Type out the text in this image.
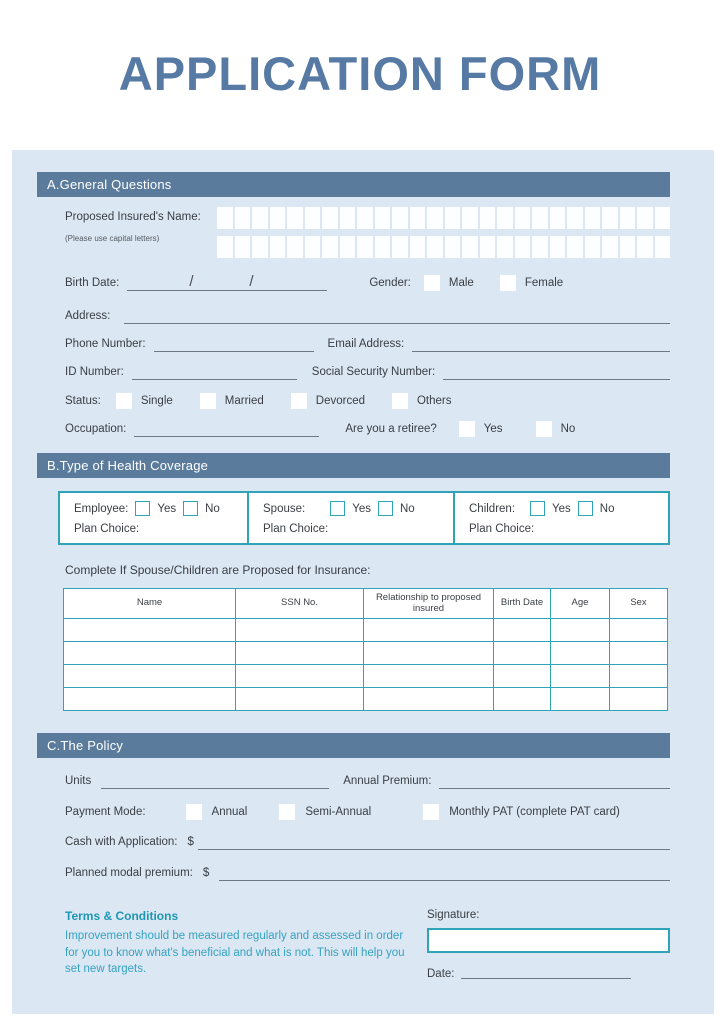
APPLICATION FORM
A.General Questions
Proposed Insured's Name:
(Please use capital letters)
Birth Date:	/	/	Gender:	Male	Female
Address:
Phone Number:	Email Address:
ID Number:	Social Security Number:
Status:	Single	Married	Devorced	Others
Occupation:	Are you a retiree?	Yes	No
B.Type of Health Coverage
Employee:	Yes	No
Plan Choice:
Spouse:	Yes	No
Plan Choice:
Children:	Yes	No
Plan Choice:
Complete If Spouse/Children are Proposed for Insurance:
Name	SSN No.	Relationship to proposed insured	Birth Date	Age	Sex

C.The Policy
Units	Annual Premium:
Payment Mode:	Annual	Semi-Annual	Monthly PAT (complete PAT card)
Cash with Application: $
Planned modal premium: $
Terms & Conditions
Improvement should be measured regularly and assessed in order for you to know what's beneficial and what is not. This will help you set new targets.
Signature:
Date:
